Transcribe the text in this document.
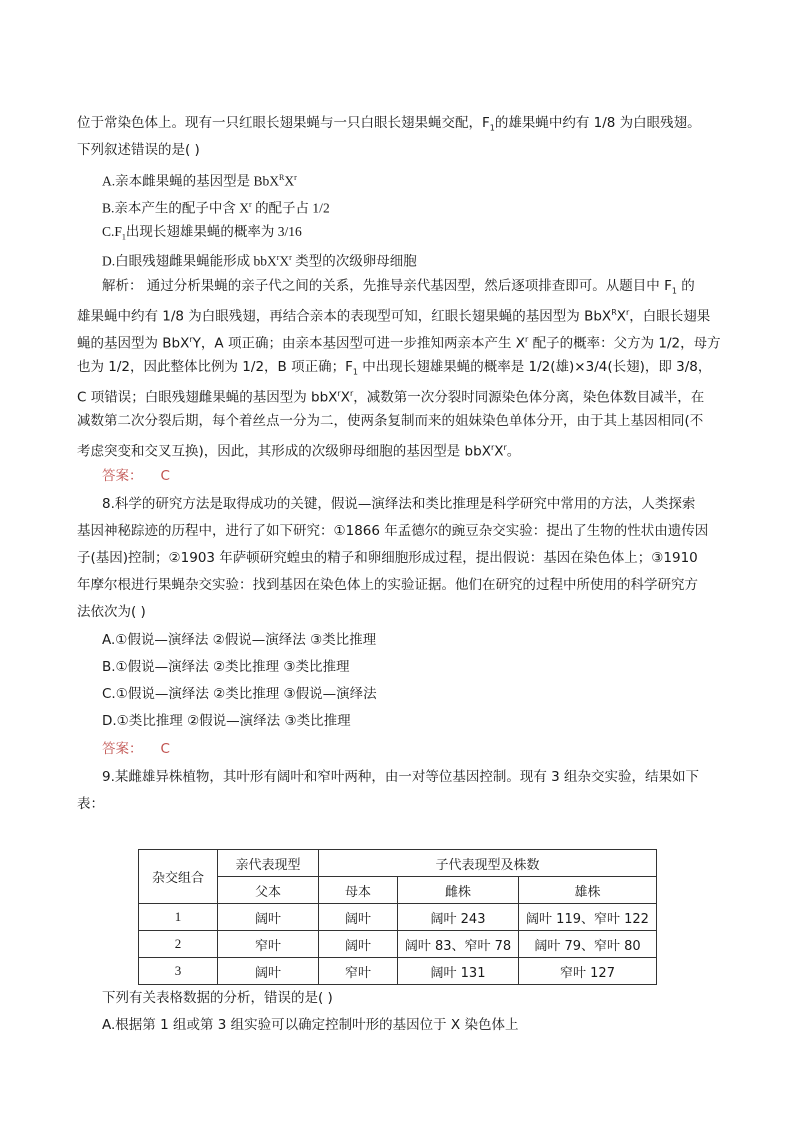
位于常染色体上。现有一只红眼长翅果蝇与一只白眼长翅果蝇交配，$F_1$的雄果蝇中约有 1/8 为白眼残翅。
下列叙述错误的是( )
A.亲本雌果蝇的基因型是 $BbX^RX^r$
B.亲本产生的配子中含 $X^r$ 的配子占 1/2
$C.F_1$出现长翅雄果蝇的概率为 3/16
D.白眼残翅雌果蝇能形成 $bbX^rX^r$ 类型的次级卵母细胞
解析： 通过分析果蝇的亲子代之间的关系，先推导亲代基因型，然后逐项排查即可。从题目中 $F_1$ 的
雄果蝇中约有 1/8 为白眼残翅，再结合亲本的表现型可知，红眼长翅果蝇的基因型为 $BbX^RX^r$，白眼长翅果
蝇的基因型为 BbX$^r$Y，A 项正确；由亲本基因型可进一步推知两亲本产生 $X^r$ 配子的概率：父方为 1/2，母方
也为 1/2，因此整体比例为 1/2，B 项正确；$F_1$ 中出现长翅雄果蝇的概率是 1/2(雄)×3/4(长翅)，即 3/8，
C 项错误；白眼残翅雌果蝇的基因型为 $bbX^rX^r$，减数第一次分裂时同源染色体分离，染色体数目减半，在
减数第二次分裂后期，每个着丝点一分为二，使两条复制而来的姐妹染色单体分开，由于其上基因相同(不
考虑突变和交叉互换)，因此，其形成的次级卵母细胞的基因型是 $bbX^rX^r$。
答案： C
8.科学的研究方法是取得成功的关键，假说—演绎法和类比推理是科学研究中常用的方法，人类探索
基因神秘踪迹的历程中，进行了如下研究：①1866 年孟德尔的豌豆杂交实验：提出了生物的性状由遗传因
子(基因)控制；②1903 年萨顿研究蝗虫的精子和卵细胞形成过程，提出假说：基因在染色体上；③1910
年摩尔根进行果蝇杂交实验：找到基因在染色体上的实验证据。他们在研究的过程中所使用的科学研究方
法依次为( )
A.①假说—演绎法 ②假说—演绎法 ③类比推理
B.①假说—演绎法 ②类比推理 ③类比推理
C.①假说—演绎法 ②类比推理 ③假说—演绎法
D.①类比推理 ②假说—演绎法 ③类比推理
答案： C
9.某雌雄异株植物，其叶形有阔叶和窄叶两种，由一对等位基因控制。现有 3 组杂交实验，结果如下
表：
杂交组合	亲代表现型	子代表现型及株数		
	父本	母本	雌株	雄株
1	阔叶	阔叶	阔叶 243	阔叶 119、窄叶 122
2	窄叶	阔叶	阔叶 83、窄叶 78	阔叶 79、窄叶 80
3	阔叶	窄叶	阔叶 131	窄叶 127
下列有关表格数据的分析，错误的是( )
A.根据第 1 组或第 3 组实验可以确定控制叶形的基因位于 X 染色体上
